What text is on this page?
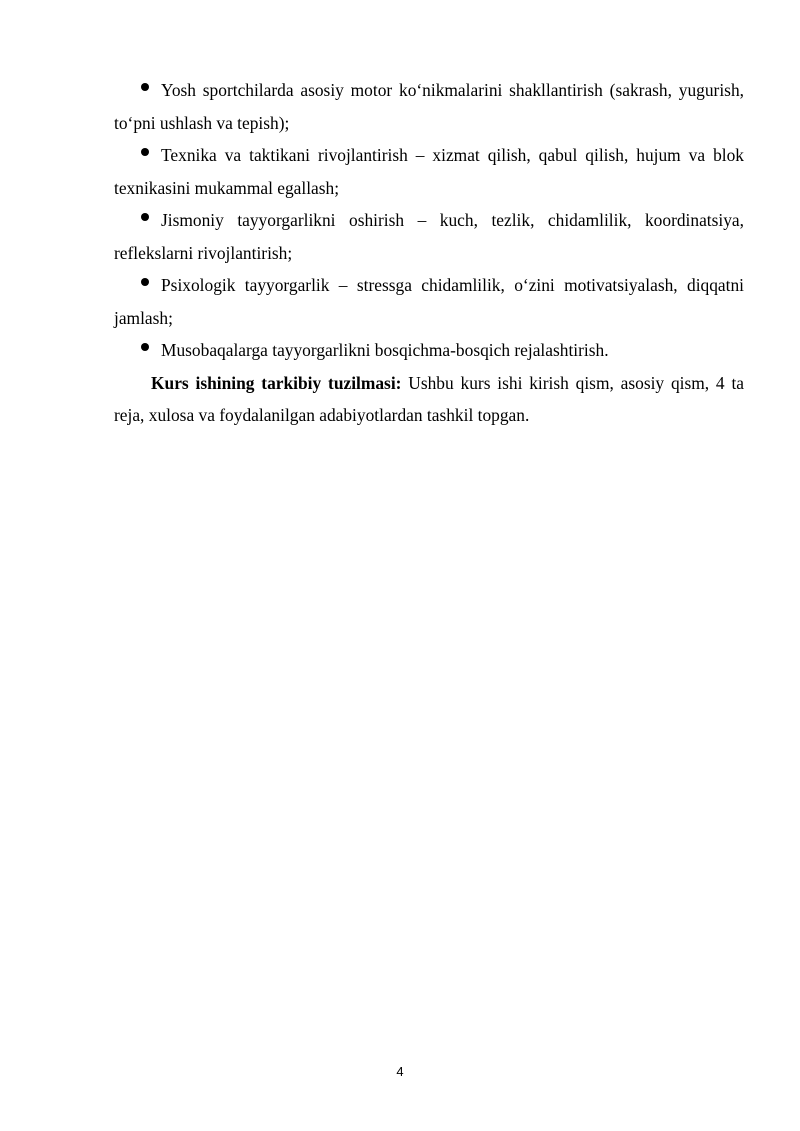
Yosh sportchilarda asosiy motor ko‘nikmalarini shakllantirish (sakrash, yugurish, to‘pni ushlash va tepish);

Texnika va taktikani rivojlantirish – xizmat qilish, qabul qilish, hujum va blok texnikasini mukammal egallash;

Jismoniy tayyorgarlikni oshirish – kuch, tezlik, chidamlilik, koordinatsiya, reflekslarni rivojlantirish;

Psixologik tayyorgarlik – stressga chidamlilik, o‘zini motivatsiyalash, diqqatni jamlash;

Musobaqalarga tayyorgarlikni bosqichma-bosqich rejalashtirish.

Kurs ishining tarkibiy tuzilmasi: Ushbu kurs ishi kirish qism, asosiy qism, 4 ta reja, xulosa va foydalanilgan adabiyotlardan tashkil topgan.

4
